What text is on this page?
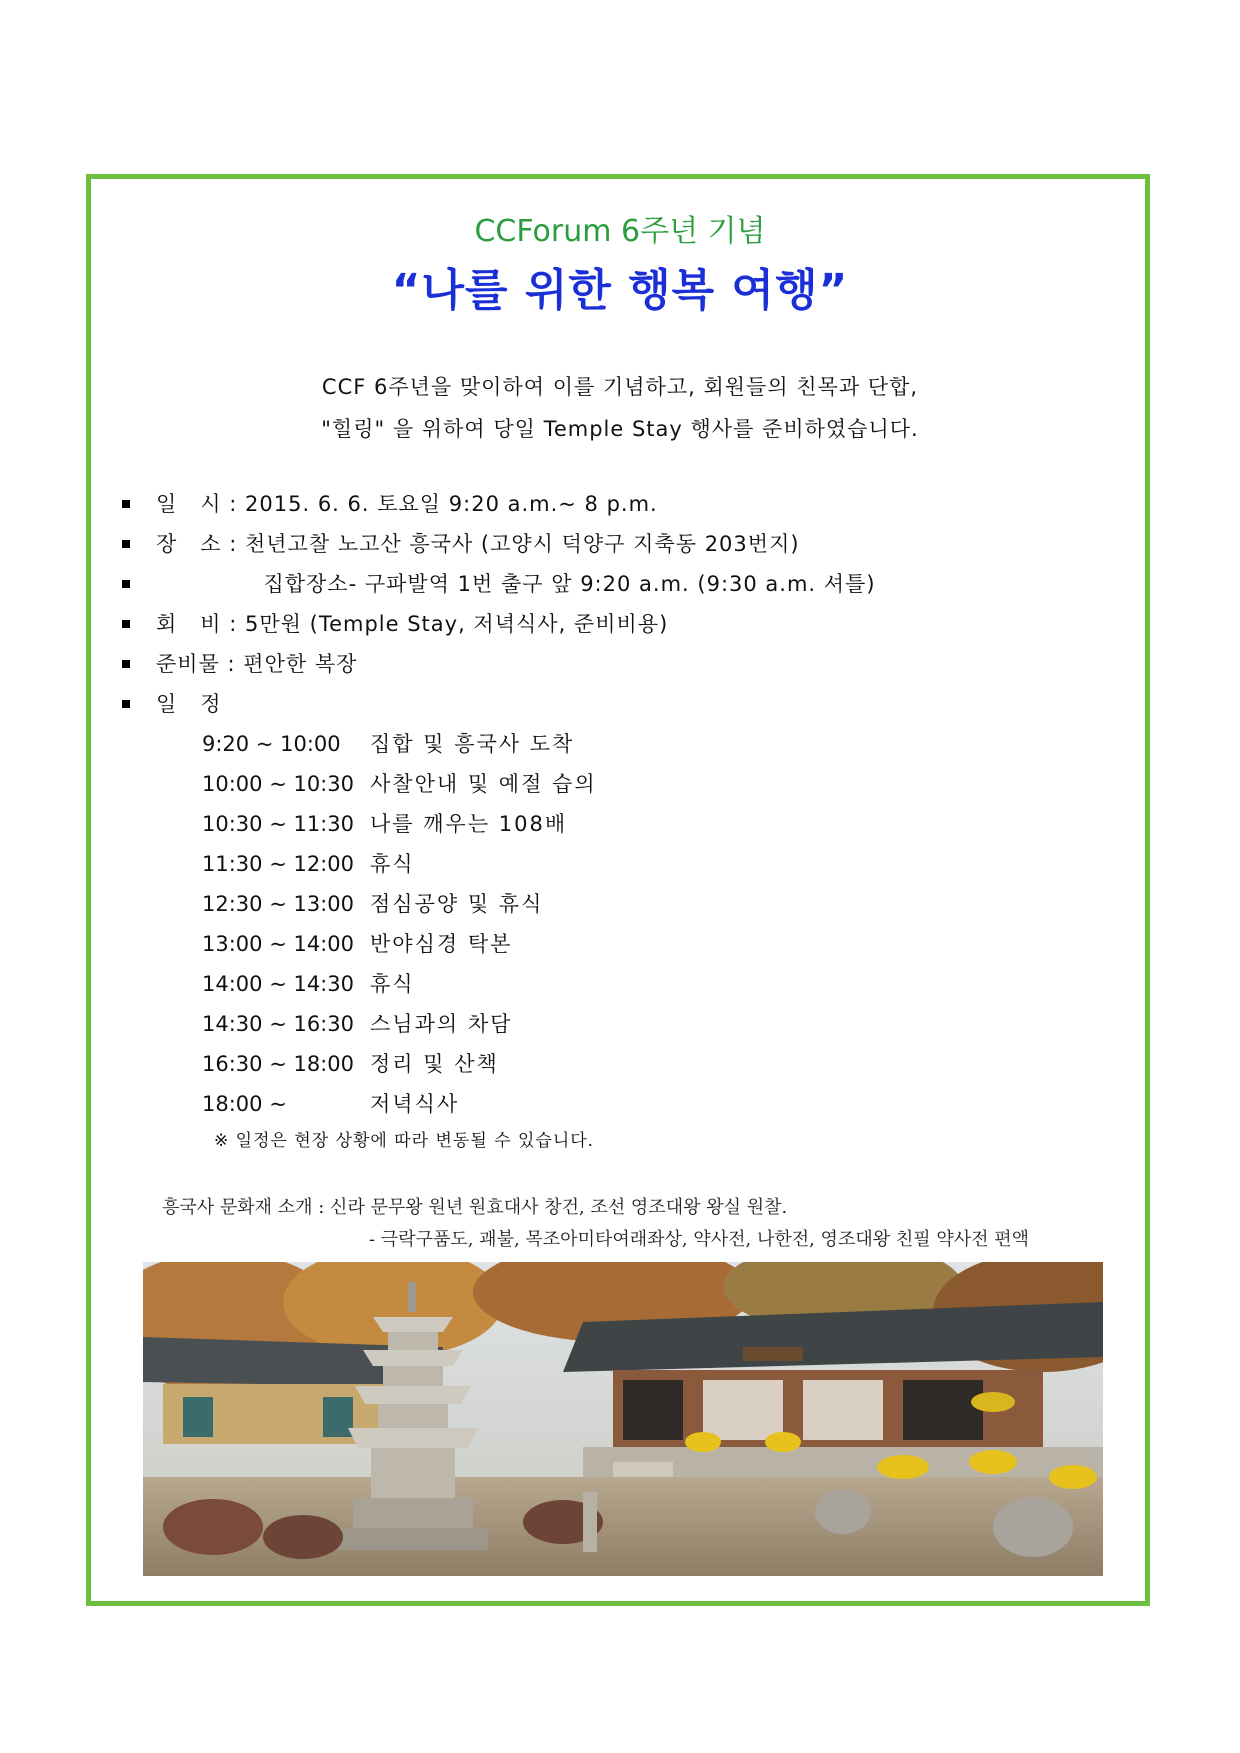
CCForum 6주년 기념
“나를 위한 행복 여행”
CCF 6주년을 맞이하여 이를 기념하고, 회원들의 친목과 단합,
"힐링" 을 위하여 당일 Temple Stay 행사를 준비하였습니다.
일   시 : 2015. 6. 6. 토요일 9:20 a.m.~ 8 p.m.
장   소 : 천년고찰 노고산 흥국사 (고양시 덕양구 지축동 203번지)
집합장소- 구파발역 1번 출구 앞 9:20 a.m. (9:30 a.m. 셔틀)
회   비 : 5만원 (Temple Stay, 저녁식사, 준비비용)
준비물 : 편안한 복장
일   정
9:20 ~ 10:00 집합 및 흥국사 도착
10:00 ~ 10:30 사찰안내 및 예절 습의
10:30 ~ 11:30 나를 깨우는 108배
11:30 ~ 12:00 휴식
12:30 ~ 13:00 점심공양 및 휴식
13:00 ~ 14:00 반야심경 탁본
14:00 ~ 14:30 휴식
14:30 ~ 16:30 스님과의 차담
16:30 ~ 18:00 정리 및 산책
18:00 ~	저녁식사
※ 일정은 현장 상황에 따라 변동될 수 있습니다.
흥국사 문화재 소개 : 신라 문무왕 원년 원효대사 창건, 조선 영조대왕 왕실 원찰.
- 극락구품도, 괘불, 목조아미타여래좌상, 약사전, 나한전, 영조대왕 친필 약사전 편액
